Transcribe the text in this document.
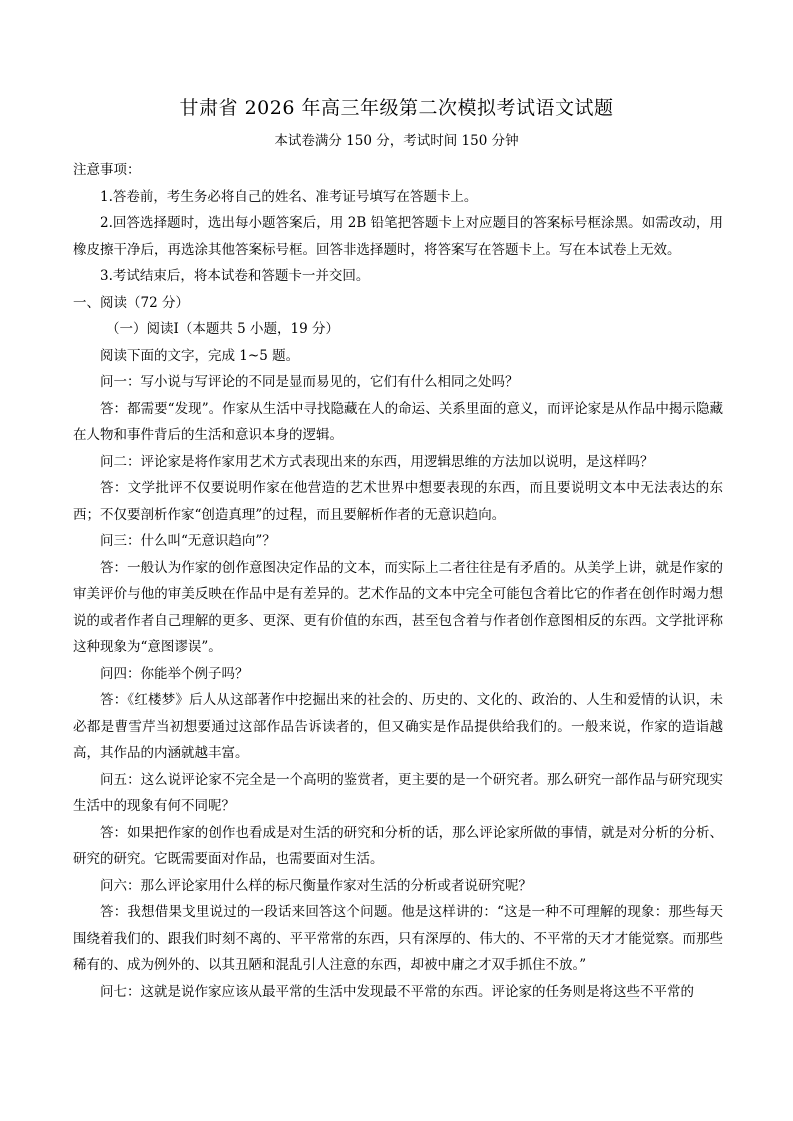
甘肃省 2026 年高三年级第二次模拟考试语文试题
本试卷满分 150 分，考试时间 150 分钟

注意事项：

1.答卷前，考生务必将自己的姓名、准考证号填写在答题卡上。

2.回答选择题时，选出每小题答案后，用 2B 铅笔把答题卡上对应题目的答案标号框涂黑。如需改动，用橡皮擦干净后，再选涂其他答案标号框。回答非选择题时，将答案写在答题卡上。写在本试卷上无效。

3.考试结束后，将本试卷和答题卡一并交回。

一、阅读（72 分）

（一）阅读Ⅰ（本题共 5 小题，19 分）

阅读下面的文字，完成 1~5 题。

问一：写小说与写评论的不同是显而易见的，它们有什么相同之处吗？

答：都需要“发现”。作家从生活中寻找隐藏在人的命运、关系里面的意义，而评论家是从作品中揭示隐藏在人物和事件背后的生活和意识本身的逻辑。

问二：评论家是将作家用艺术方式表现出来的东西，用逻辑思维的方法加以说明，是这样吗？

答：文学批评不仅要说明作家在他营造的艺术世界中想要表现的东西，而且要说明文本中无法表达的东西；不仅要剖析作家“创造真理”的过程，而且要解析作者的无意识趋向。

问三：什么叫“无意识趋向”？

答：一般认为作家的创作意图决定作品的文本，而实际上二者往往是有矛盾的。从美学上讲，就是作家的审美评价与他的审美反映在作品中是有差异的。艺术作品的文本中完全可能包含着比它的作者在创作时竭力想说的或者作者自己理解的更多、更深、更有价值的东西，甚至包含着与作者创作意图相反的东西。文学批评称这种现象为“意图谬误”。

问四：你能举个例子吗？

答：《红楼梦》后人从这部著作中挖掘出来的社会的、历史的、文化的、政治的、人生和爱情的认识，未必都是曹雪芹当初想要通过这部作品告诉读者的，但又确实是作品提供给我们的。一般来说，作家的造诣越高，其作品的内涵就越丰富。

问五：这么说评论家不完全是一个高明的鉴赏者，更主要的是一个研究者。那么研究一部作品与研究现实生活中的现象有何不同呢？

答：如果把作家的创作也看成是对生活的研究和分析的话，那么评论家所做的事情，就是对分析的分析、研究的研究。它既需要面对作品，也需要面对生活。

问六：那么评论家用什么样的标尺衡量作家对生活的分析或者说研究呢？

答：我想借果戈里说过的一段话来回答这个问题。他是这样讲的：“这是一种不可理解的现象：那些每天围绕着我们的、跟我们时刻不离的、平平常常的东西，只有深厚的、伟大的、不平常的天才才能觉察。而那些稀有的、成为例外的、以其丑陋和混乱引人注意的东西，却被中庸之才双手抓住不放。”

问七：这就是说作家应该从最平常的生活中发现最不平常的东西。评论家的任务则是将这些不平常的
